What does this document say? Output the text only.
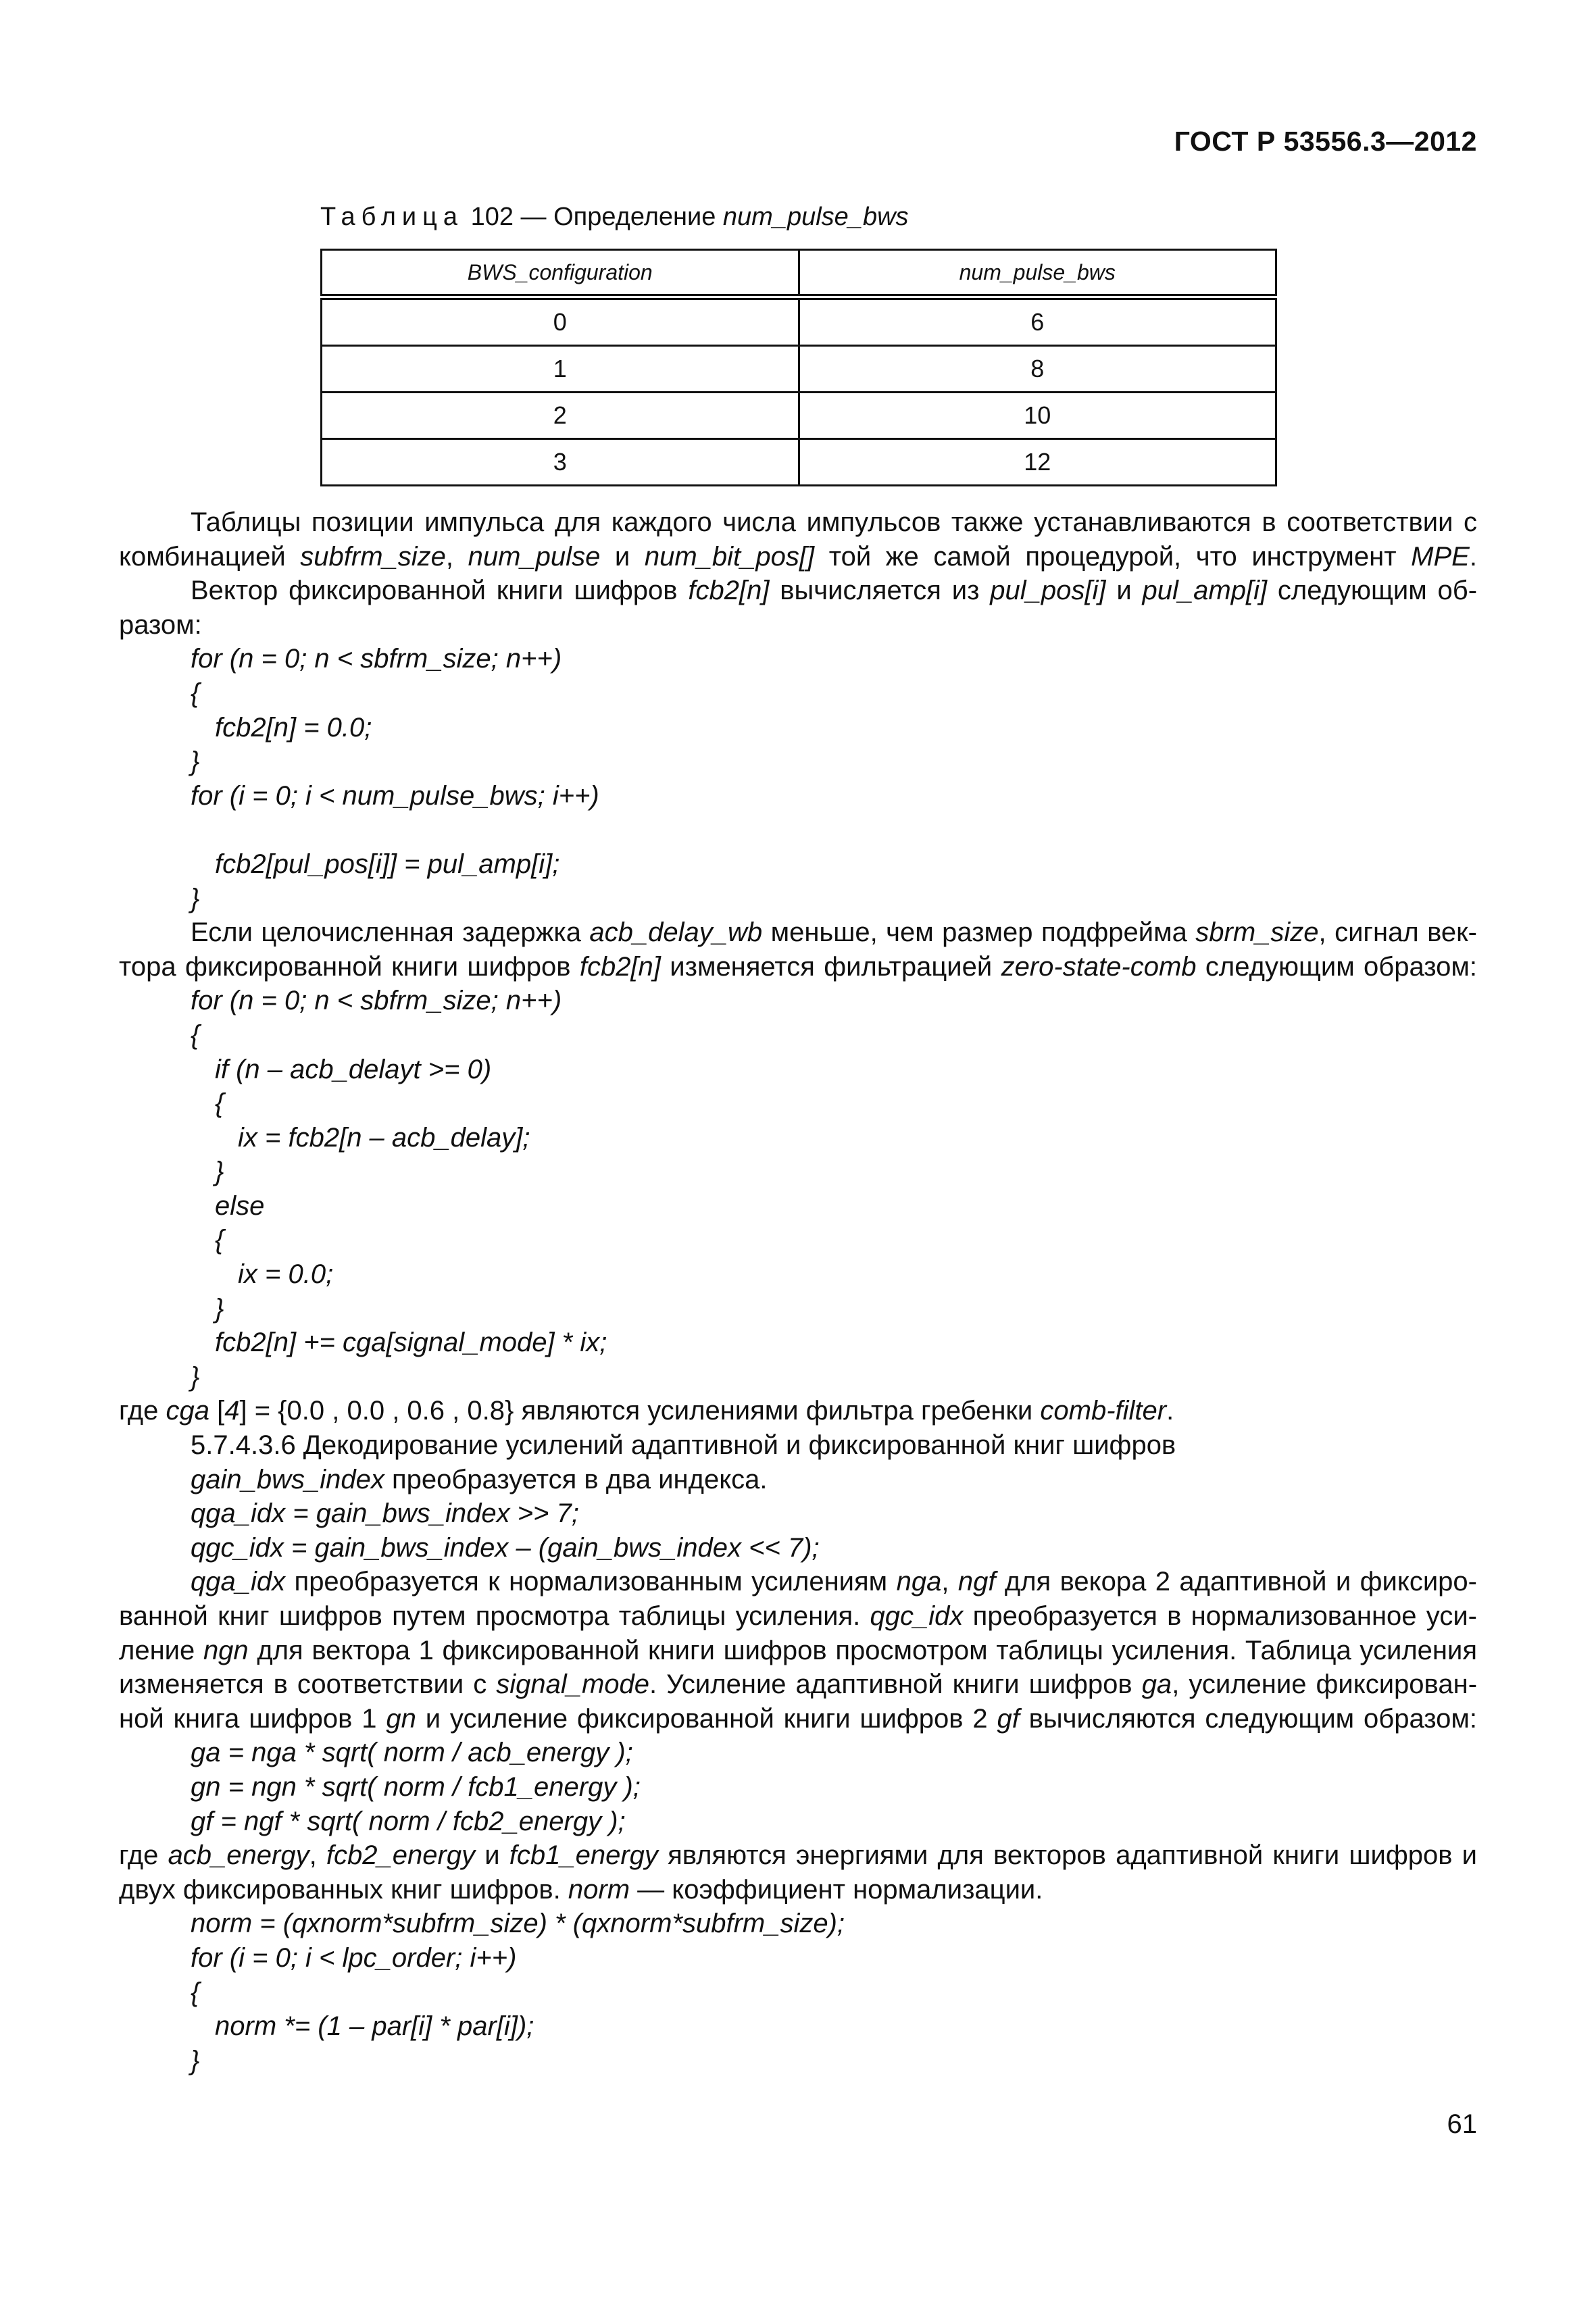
ГОСТ Р 53556.3—2012
Таблица 102 — Определение num_pulse_bws
BWS_configuration	num_pulse_bws
0	6
1	8
2	10
3	12
Таблицы позиции импульса для каждого числа импульсов также устанавливаются в соответствии с
комбинацией subfrm_size, num_pulse и num_bit_pos[] той же самой процедурой, что инструмент MPE.
Вектор фиксированной книги шифров fcb2[n] вычисляется из pul_pos[i] и pul_amp[i] следующим об-
разом:
for (n = 0; n < sbfrm_size; n++)
{
fcb2[n] = 0.0;
}
for (i = 0; i < num_pulse_bws; i++)
fcb2[pul_pos[i]] = pul_amp[i];
}
Если целочисленная задержка acb_delay_wb меньше, чем размер подфрейма sbrm_size, сигнал век-
тора фиксированной книги шифров fcb2[n] изменяется фильтрацией zero-state-comb следующим образом:
for (n = 0; n < sbfrm_size; n++)
{
if (n – acb_delayt >= 0)
{
ix = fcb2[n – acb_delay];
}
else
{
ix = 0.0;
}
fcb2[n] += cga[signal_mode] * ix;
}
где cga [4] = {0.0 , 0.0 , 0.6 , 0.8} являются усилениями фильтра гребенки comb-filter.
5.7.4.3.6 Декодирование усилений адаптивной и фиксированной книг шифров
gain_bws_index преобразуется в два индекса.
qga_idx = gain_bws_index >> 7;
qgc_idx = gain_bws_index – (gain_bws_index << 7);
qga_idx преобразуется к нормализованным усилениям nga, ngf для векора 2 адаптивной и фиксиро-
ванной книг шифров путем просмотра таблицы усиления. qgc_idx преобразуется в нормализованное уси-
ление ngn для вектора 1 фиксированной книги шифров просмотром таблицы усиления. Таблица усиления
изменяется в соответствии с signal_mode. Усиление адаптивной книги шифров ga, усиление фиксирован-
ной книга шифров 1 gn и усиление фиксированной книги шифров 2 gf вычисляются следующим образом:
ga = nga * sqrt( norm / acb_energy );
gn = ngn * sqrt( norm / fcb1_energy );
gf = ngf * sqrt( norm / fcb2_energy );
где acb_energy, fcb2_energy и fcb1_energy являются энергиями для векторов адаптивной книги шифров и
двух фиксированных книг шифров. norm — коэффициент нормализации.
norm = (qxnorm*subfrm_size) * (qxnorm*subfrm_size);
for (i = 0; i < lpc_order; i++)
{
norm *= (1 – par[i] * par[i]);
}
61
